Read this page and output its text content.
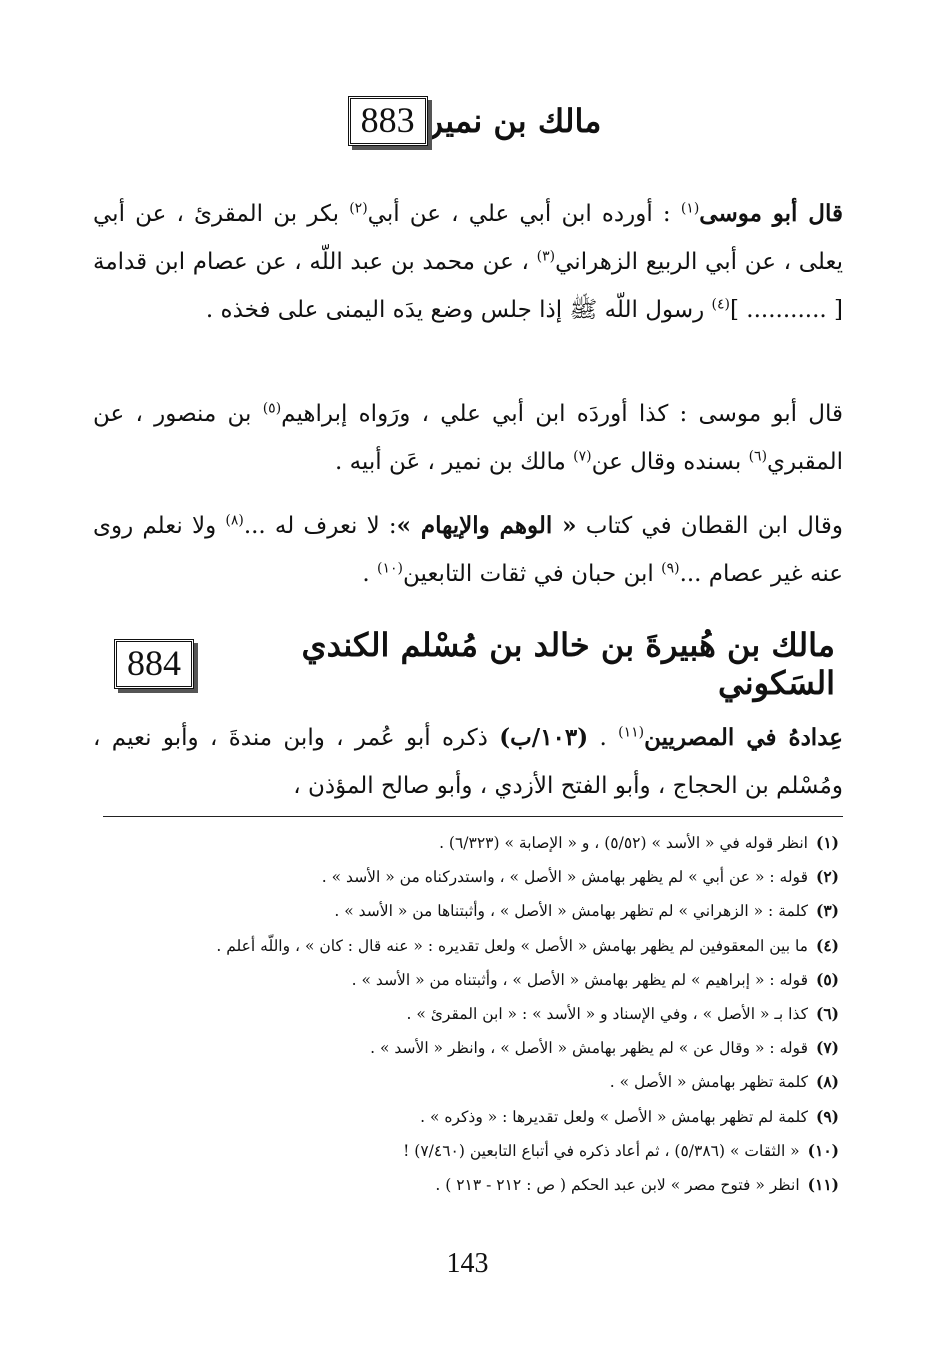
883 مالك بن نمير
قال أبو موسى$^{(١)}$ : أورده ابن أبي علي ، عن أبي$^{(٢)}$ بكر بن المقرئ ، عن أبي يعلى ، عن أبي الربيع الزهراني$^{(٣)}$ ، عن محمد بن عبد اللّه ، عن عصام ابن قدامة [ ........... ]$^{(٤)}$ رسول اللّه ﷺ إذا جلس وضع يدَه اليمنى على فخذه .
قال أبو موسى : كذا أوردَه ابن أبي علي ، ورَواه إبراهيم$^{(٥)}$ بن منصور ، عن المقبري$^{(٦)}$ بسنده وقال عن$^{(٧)}$ مالك بن نمير ، عَن أبيه .
وقال ابن القطان في كتاب « الوهم والإيهام »: لا نعرف له ...$^{(٨)}$ ولا نعلم روى عنه غير عصام ...$^{(٩)}$ ابن حبان في ثقات التابعين$^{(١٠)}$ .
884	مالك بن هُبيرةَ بن خالد بن مُسْلم الكندي السَكوني
عِدادهُ في المصريين$^{(١١)}$ . (١٠٣/ب) ذكره أبو عُمر ، وابن مندةَ ، وأبو نعيم ، ومُسْلم بن الحجاج ، وأبو الفتح الأزدي ، وأبو صالح المؤذن ،
(١)انظر قوله في « الأسد » (٥/٥٢) ، و « الإصابة » (٦/٣٢٣) .
(٢)قوله : « عن أبي » لم يظهر بهامش « الأصل » ، واستدركناه من « الأسد » .
(٣)كلمة : « الزهراني » لم تظهر بهامش « الأصل » ، وأثبتناها من « الأسد » .
(٤)ما بين المعقوفين لم يظهر بهامش « الأصل » ولعل تقديره : « عنه قال : كان » ، واللّه أعلم .
(٥)قوله : « إبراهيم » لم يظهر بهامش « الأصل » ، وأثبتناه من « الأسد » .
(٦)كذا بـ « الأصل » ، وفي الإسناد و « الأسد » : « ابن المقرئ » .
(٧)قوله : « وقال عن » لم يظهر بهامش « الأصل » ، وانظر « الأسد » .
(٨)كلمة تظهر بهامش « الأصل » .
(٩)كلمة لم تظهر بهامش « الأصل » ولعل تقديرها : « وذكره » .
(١٠)« الثقات » (٥/٣٨٦) ، ثم أعاد ذكره في أتباع التابعين (٧/٤٦٠) !
(١١)انظر « فتوح مصر » لابن عبد الحكم ( ص : ٢١٢ - ٢١٣ ) .
143
